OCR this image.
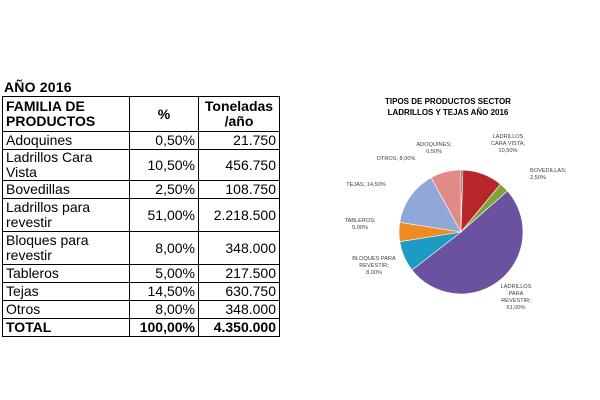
AÑO 2016
FAMILIA DE PRODUCTOS	%	Toneladas /año
Adoquines	0,50%	21.750
Ladrillos Cara Vista	10,50%	456.750
Bovedillas	2,50%	108.750
Ladrillos para revestir	51,00%	2.218.500
Bloques para revestir	8,00%	348.000
Tableros	5,00%	217.500
Tejas	14,50%	630.750
Otros	8,00%	348.000
TOTAL	100,00%	4.350.000
TIPOS DE PRODUCTOS SECTOR
LADRILLOS Y TEJAS AÑO 2016
ADOQUINES; 0,50%
LADRILLOS CARA VISTA; 10,50%
BOVEDILLAS; 2,50%
LADRILLOS PARA REVESTIR; 51,00%
BLOQUES PARA REVESTIR; 8,00%
TABLEROS; 5,00%
TEJAS; 14,50%
OTROS; 8,00%
